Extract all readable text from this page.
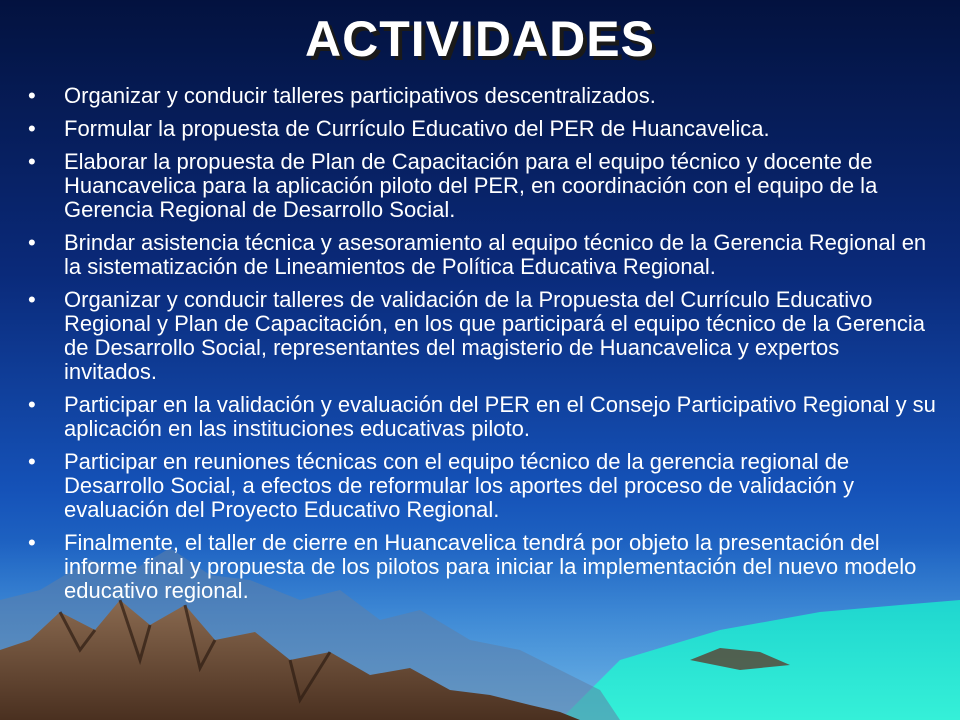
ACTIVIDADES
•	Organizar y conducir talleres participativos descentralizados.
•	Formular la propuesta de Currículo Educativo del PER de Huancavelica.
•	Elaborar la propuesta de Plan de Capacitación para el equipo técnico y docente de Huancavelica para la aplicación piloto del PER, en coordinación con el equipo de la Gerencia Regional de Desarrollo Social.
•	Brindar asistencia técnica y asesoramiento al equipo técnico de la Gerencia Regional en la sistematización de Lineamientos de Política Educativa Regional.
•	Organizar y conducir talleres de validación de la Propuesta del Currículo Educativo Regional y Plan de Capacitación, en los que participará el equipo técnico de la Gerencia de Desarrollo Social, representantes del magisterio de Huancavelica y expertos invitados.
•	Participar en la validación y evaluación del PER en el Consejo Participativo Regional y su aplicación en las instituciones educativas piloto.
•	Participar en reuniones técnicas con el equipo técnico de la gerencia regional de Desarrollo Social, a efectos de reformular los aportes del proceso de validación y evaluación del Proyecto Educativo Regional.
•	Finalmente, el taller de cierre en Huancavelica tendrá por objeto la presentación del informe final y propuesta de los pilotos para iniciar la implementación del nuevo modelo educativo regional.
